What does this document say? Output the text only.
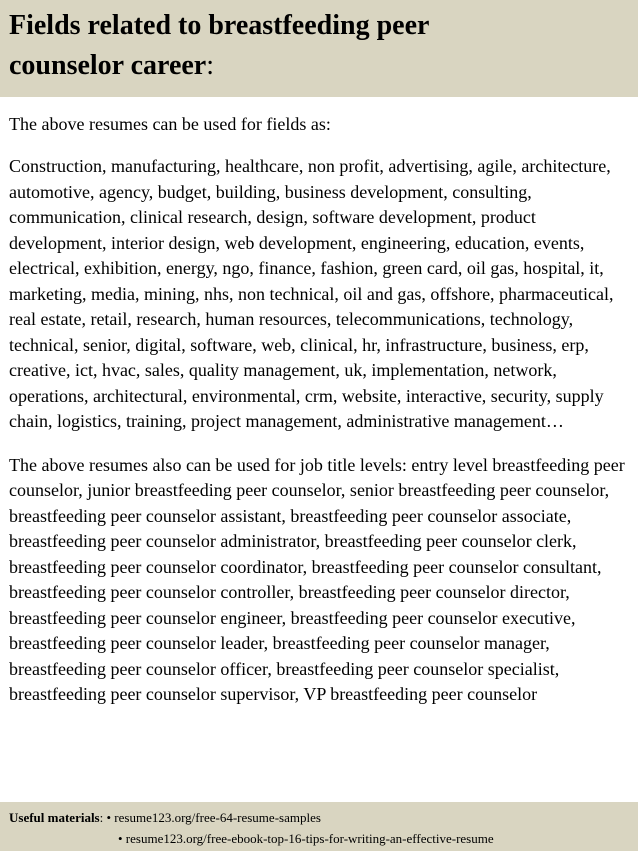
Fields related to breastfeeding peer
counselor career:

The above resumes can be used for fields as:

Construction, manufacturing, healthcare, non profit, advertising, agile, architecture, automotive, agency, budget, building, business development, consulting, communication, clinical research, design, software development, product development, interior design, web development, engineering, education, events, electrical, exhibition, energy, ngo, finance, fashion, green card, oil gas, hospital, it, marketing, media, mining, nhs, non technical, oil and gas, offshore, pharmaceutical, real estate, retail, research, human resources, telecommunications, technology, technical, senior, digital, software, web, clinical, hr, infrastructure, business, erp, creative, ict, hvac, sales, quality management, uk, implementation, network, operations, architectural, environmental, crm, website, interactive, security, supply chain, logistics, training, project management, administrative management…

The above resumes also can be used for job title levels: entry level breastfeeding peer counselor, junior breastfeeding peer counselor, senior breastfeeding peer counselor, breastfeeding peer counselor assistant, breastfeeding peer counselor associate, breastfeeding peer counselor administrator, breastfeeding peer counselor clerk, breastfeeding peer counselor coordinator, breastfeeding peer counselor consultant, breastfeeding peer counselor controller, breastfeeding peer counselor director, breastfeeding peer counselor engineer, breastfeeding peer counselor executive, breastfeeding peer counselor leader, breastfeeding peer counselor manager, breastfeeding peer counselor officer, breastfeeding peer counselor specialist, breastfeeding peer counselor supervisor, VP breastfeeding peer counselor

Useful materials: • resume123.org/free-64-resume-samples
• resume123.org/free-ebook-top-16-tips-for-writing-an-effective-resume
